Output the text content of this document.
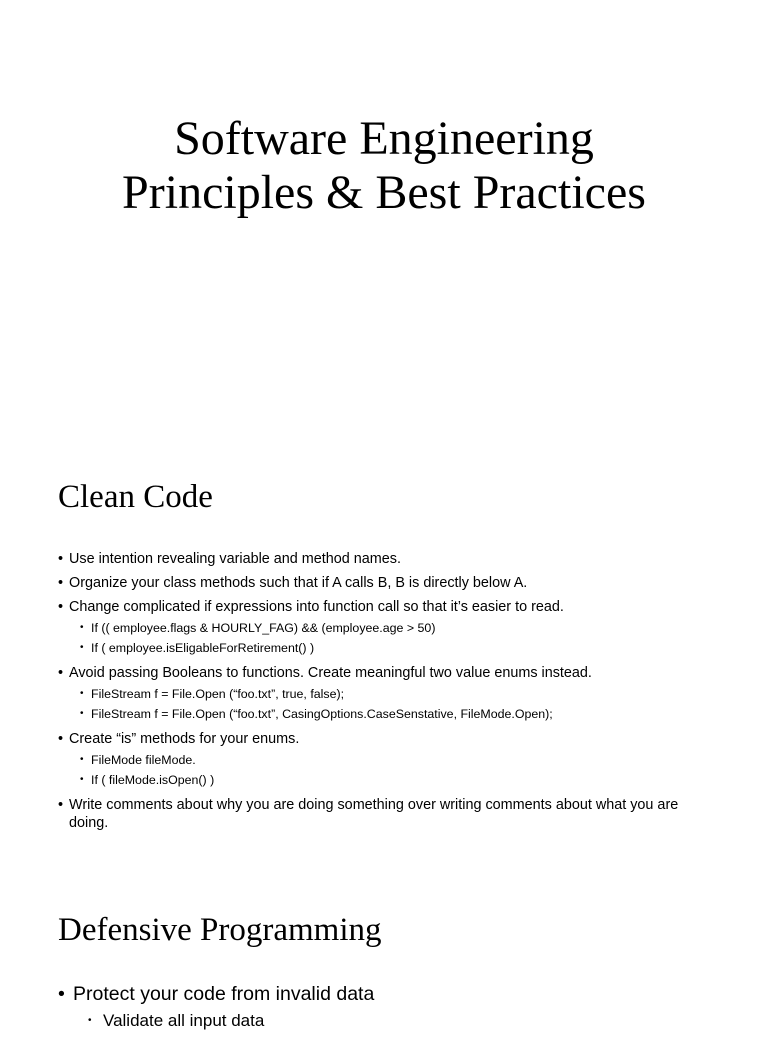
Software Engineering
Principles & Best Practices
Clean Code
• Use intention revealing variable and method names.
• Organize your class methods such that if A calls B, B is directly below A.
• Change complicated if expressions into function call so that it’s easier to read.
• If (( employee.flags & HOURLY_FAG) && (employee.age > 50)
• If ( employee.isEligableForRetirement() )
• Avoid passing Booleans to functions. Create meaningful two value enums instead.
• FileStream f = File.Open (“foo.txt”, true, false);
• FileStream f = File.Open (“foo.txt”, CasingOptions.CaseSenstative, FileMode.Open);
• Create “is” methods for your enums.
• FileMode fileMode.
• If ( fileMode.isOpen() )
• Write comments about why you are doing something over writing comments about what you are doing.
Defensive Programming
• Protect your code from invalid data
• Validate all input data
